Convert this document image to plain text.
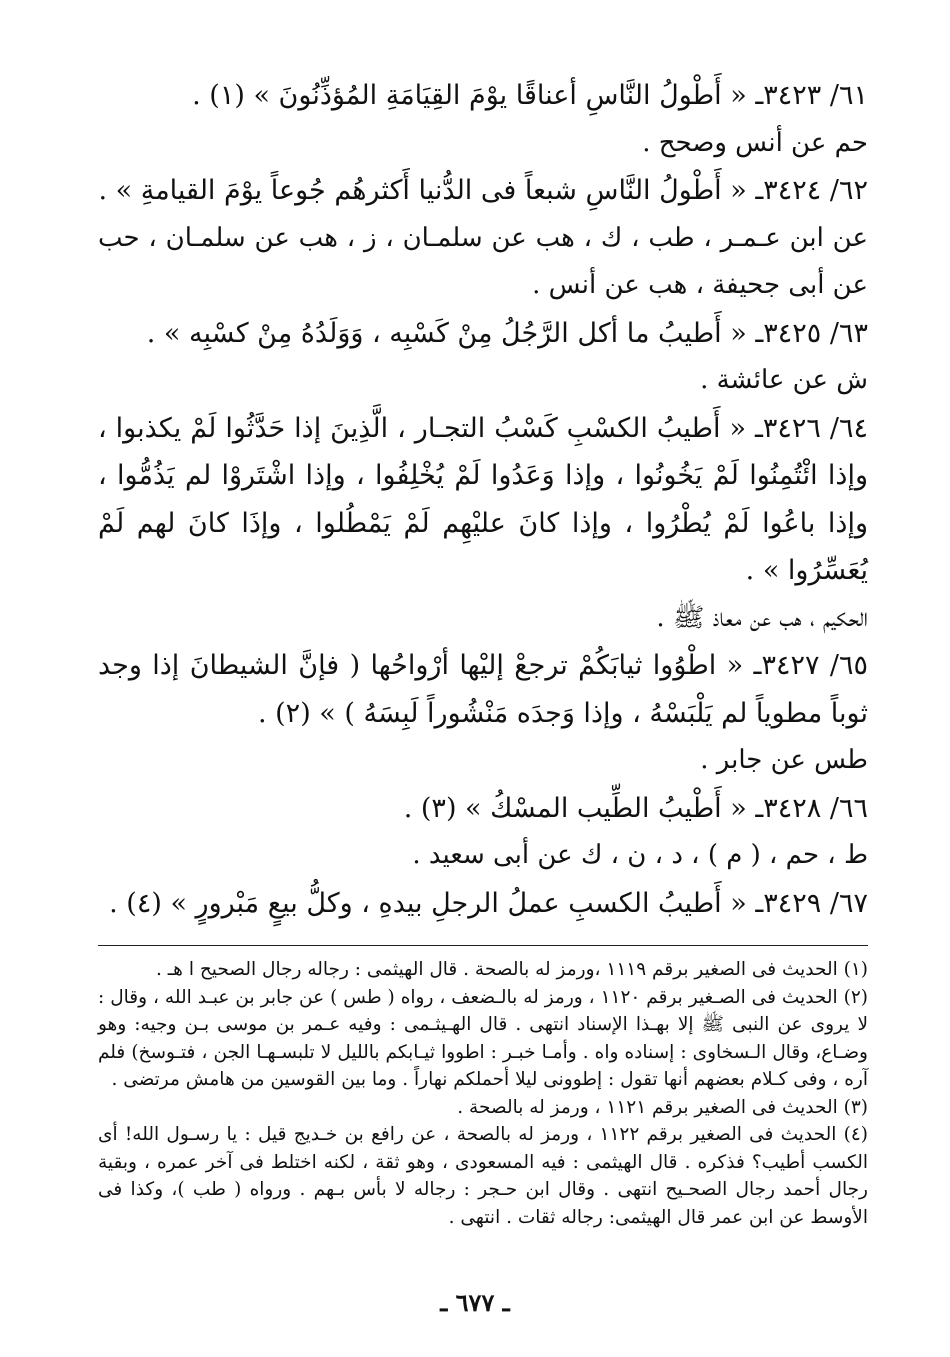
٦١/ ٣٤٢٣ـ « أَطْولُ النَّاسِ أعناقًا يوْمَ القِيَامَةِ المُؤذِّنُونَ » (١) .

حم عن أنس وصحح .

٦٢/ ٣٤٢٤ـ « أَطْولُ النَّاسِ شبعاً فى الدُّنيا أَكثرهُم جُوعاً يوْمَ القيامةِ » .

عن ابن عـمـر ، طب ، ك ، هب عن سلمـان ، ز ، هب عن سلمـان ، حب عن أبى جحيفة ، هب عن أنس .

٦٣/ ٣٤٢٥ـ « أَطيبُ ما أكل الرَّجُلُ مِنْ كَسْبِه ، وَوَلَدُهُ مِنْ كسْبِه » .

ش عن عائشة .

٦٤/ ٣٤٢٦ـ « أَطيبُ الكسْبِ كَسْبُ التجـار ، الَّذِينَ إذا حَدَّثُوا لَمْ يكذبوا ، وإذا ائْتُمِنُوا لَمْ يَخُونُوا ، وإذا وَعَدُوا لَمْ يُخْلِفُوا ، وإذا اشْتَروْا لم يَذُمُّوا ، وإذا باعُوا لَمْ يُطْرُوا ، وإذا كانَ عليْهِم لَمْ يَمْطُلوا ، وإذَا كانَ لهم لَمْ يُعَسِّرُوا » .

الحكيم ، هب عن معاذ ﷺ .

٦٥/ ٣٤٢٧ـ « اطْوُوا ثيابَكُمْ ترجعْ إليْها أرْواحُها ( فإنَّ الشيطانَ إذا وجد ثوباً مطوياً لم يَلْبَسْهُ ، وإذا وَجدَه مَنْشُوراً لَبِسَهُ ) » (٢) .

طس عن جابر .

٦٦/ ٣٤٢٨ـ « أَطْيبُ الطِّيب المسْكُ » (٣) .

ط ، حم ، ( م ) ، د ، ن ، ك عن أبى سعيد .

٦٧/ ٣٤٢٩ـ « أَطيبُ الكسبِ عملُ الرجلِ بيدهِ ، وكلُّ بيعٍ مَبْرورٍ » (٤) .

(١) الحديث فى الصغير برقم ١١١٩ ،ورمز له بالصحة . قال الهيثمى : رجاله رجال الصحيح ا هـ .

(٢) الحديث فى الصـغير برقم ١١٢٠ ، ورمز له بالـضعف ، رواه ( طس ) عن جابر بن عبـد الله ، وقال : لا يروى عن النبى ﷺ إلا بهـذا الإسناد انتهى . قال الهـيثـمى : وفيه عـمر بن موسى بـن وجيه: وهو وضـاع، وقال الـسخاوى : إسناده واه . وأمـا خبـر : اطووا ثيـابكم بالليل لا تلبسـهـا الجن ، فتـوسخ) فلم آره ، وفى كـلام بعضهم أنها تقول : إطوونى ليلا أحملكم نهاراً . وما بين القوسين من هامش مرتضى .

(٣) الحديث فى الصغير برقم ١١٢١ ، ورمز له بالصحة .

(٤) الحديث فى الصغير برقم ١١٢٢ ، ورمز له بالصحة ، عن رافع بن خـديج قيل : يا رسـول الله! أى الكسب أطيب؟ فذكره . قال الهيثمى : فيه المسعودى ، وهو ثقة ، لكنه اختلط فى آخر عمره ، وبقية رجال أحمد رجال الصحـيح انتهى . وقال ابن حـجر : رجاله لا بأس بـهم . ورواه ( طب )، وكذا فى الأوسط عن ابن عمر قال الهيثمى: رجاله ثقات . انتهى .

ـ ٦٧٧ ـ
